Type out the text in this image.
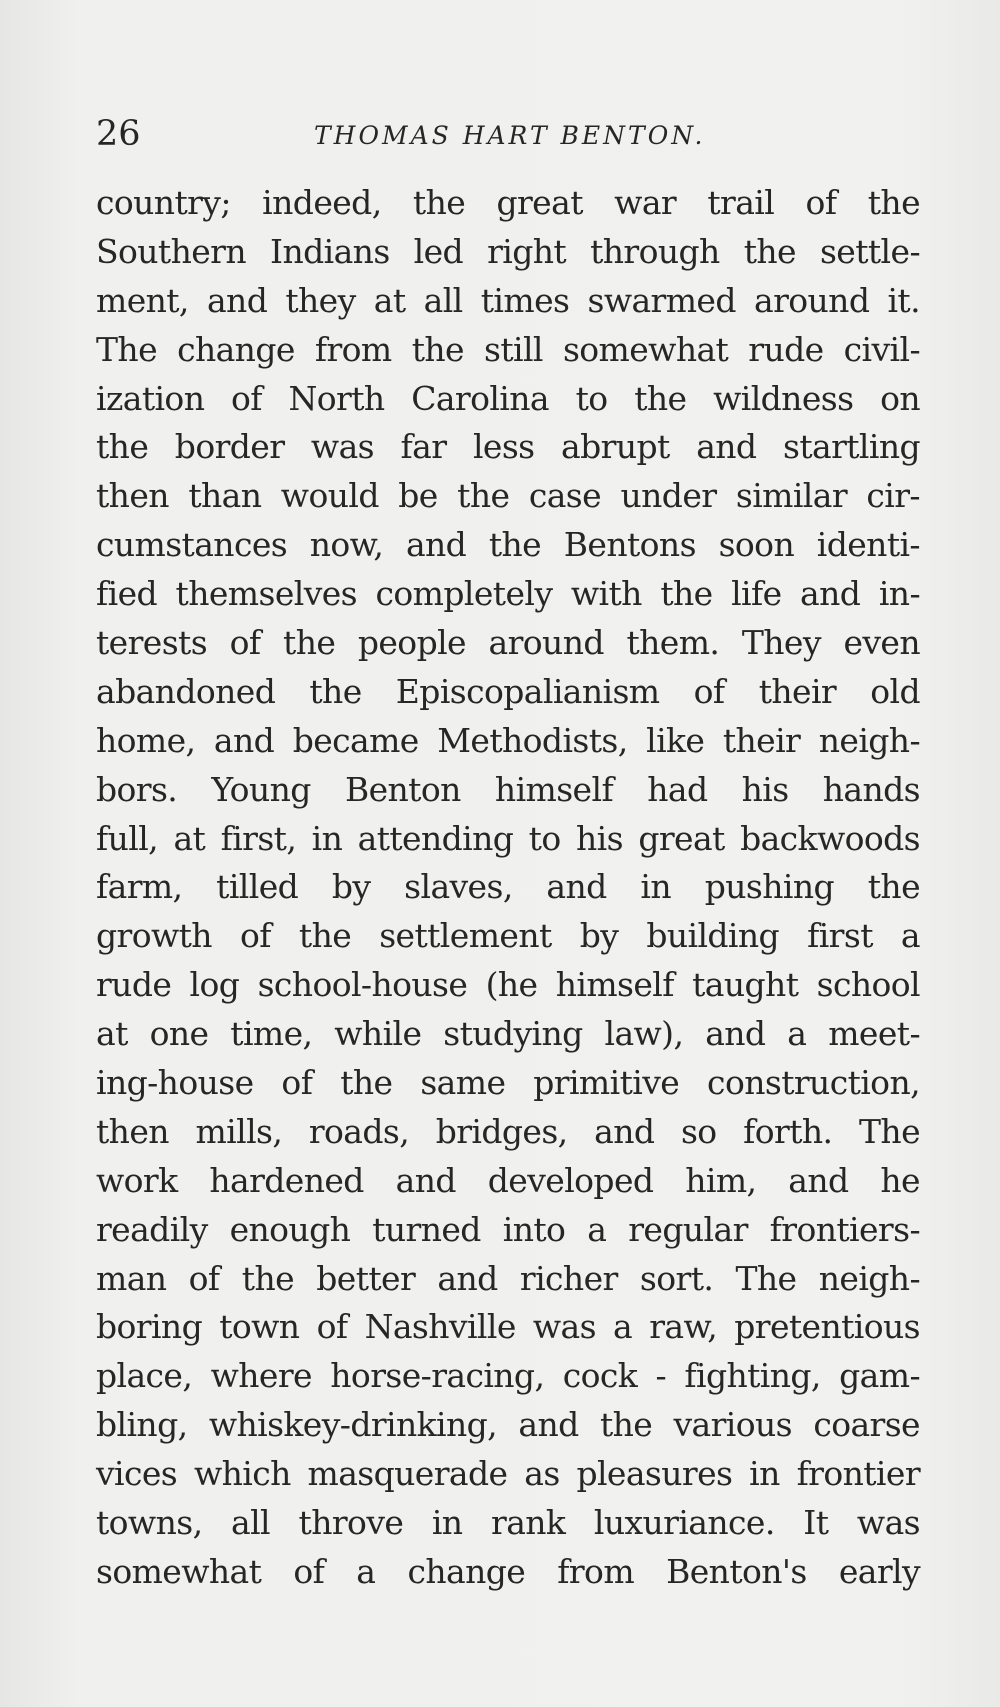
26	THOMAS HART BENTON.
country; indeed, the great war trail of the
Southern Indians led right through the settle-
ment, and they at all times swarmed around it.
The change from the still somewhat rude civil-
ization of North Carolina to the wildness on
the border was far less abrupt and startling
then than would be the case under similar cir-
cumstances now, and the Bentons soon identi-
fied themselves completely with the life and in-
terests of the people around them. They even
abandoned the Episcopalianism of their old
home, and became Methodists, like their neigh-
bors. Young Benton himself had his hands
full, at first, in attending to his great backwoods
farm, tilled by slaves, and in pushing the
growth of the settlement by building first a
rude log school-house (he himself taught school
at one time, while studying law), and a meet-
ing-house of the same primitive construction,
then mills, roads, bridges, and so forth. The
work hardened and developed him, and he
readily enough turned into a regular frontiers-
man of the better and richer sort. The neigh-
boring town of Nashville was a raw, pretentious
place, where horse-racing, cock - fighting, gam-
bling, whiskey-drinking, and the various coarse
vices which masquerade as pleasures in frontier
towns, all throve in rank luxuriance. It was
somewhat of a change from Benton's early
